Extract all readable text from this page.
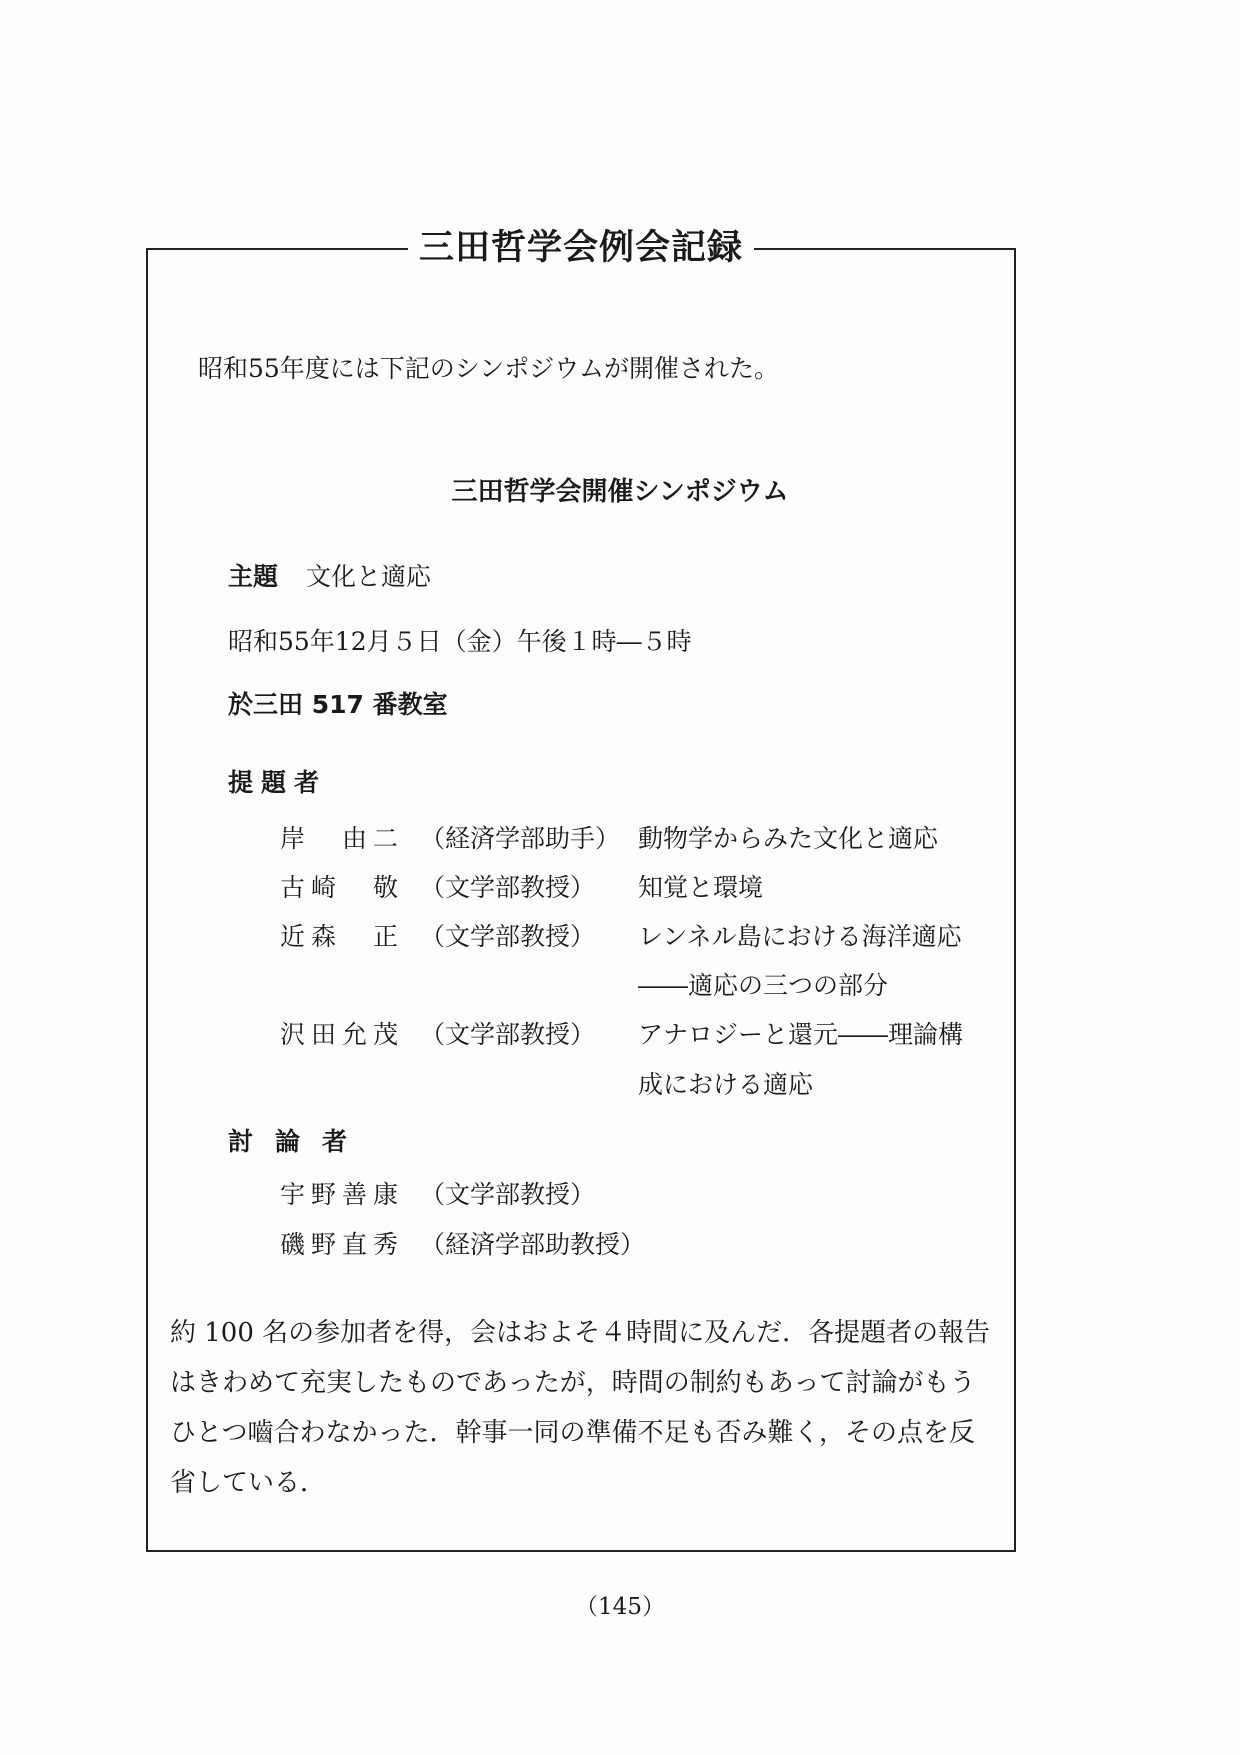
三田哲学会例会記録
昭和55年度には下記のシンポジウムが開催された。
三田哲学会開催シンポジウム
主題 文化と適応
昭和55年12月５日（金）午後１時―５時
於三田 517 番教室
提題者
岸　由二 （経済学部助手） 動物学からみた文化と適応
古崎　敬 （文学部教授） 知覚と環境
近森　正 （文学部教授） レンネル島における海洋適応
――適応の三つの部分
沢田允茂 （文学部教授） アナロジーと還元――理論構
成における適応
討論者
宇野善康 （文学部教授）
磯野直秀 （経済学部助教授）
約 100 名の参加者を得，会はおよそ４時間に及んだ．各提題者の報告はきわめて充実したものであったが，時間の制約もあって討論がもうひとつ嚙合わなかった．幹事一同の準備不足も否み難く，その点を反省している．
（145）
